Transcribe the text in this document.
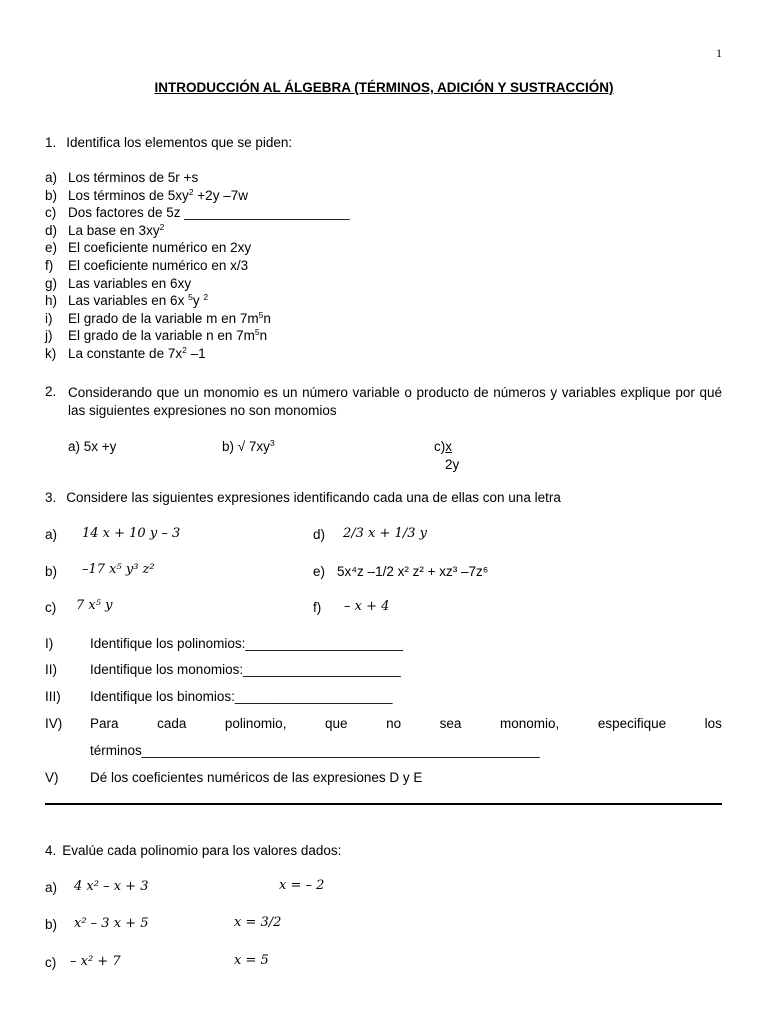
1
INTRODUCCIÓN AL ÁLGEBRA (TÉRMINOS, ADICIÓN Y SUSTRACCIÓN)
1. Identifica los elementos que se piden:
a) Los términos de 5r +s
b) Los términos de $5xy^2 +2y$ –7w
c) Dos factores de 5z ______________________
d) La base en $3xy^2$
e) El coeficiente numérico en 2xy
f)	El coeficiente numérico en x/3
g) Las variables en 6xy
h) Las variables en 6x $^5$y $^2$
i)	El grado de la variable m en $7m^5n$
j)	El grado de la variable n en $7m^5n$
k) La constante de $7x^2$ –1
2. Considerando que un monomio es un número variable o producto de números y variables explique por qué las siguientes expresiones no son monomios
a) 5x +y	b) √ $7xy^3$	c)x
2y
3. Considere las siguientes expresiones identificando cada una de ellas con una letra
a) 14 x + 10 y – 3	d) 2/3 x + 1/3 y
b) –17 x⁵ y³ z²	e) 5x⁴z –1/2 x² z² + xz³ –7z⁶
c) 7 x⁵ y	f) – x + 4
I)	Identifique los polinomios:_____________________
II) Identifique los monomios:_____________________
III) Identifique los binomios:_____________________
IV) Para	cada	polinomio,	que	no	sea	monomio,	especifique	los
términos_____________________________________________________
V) Dé los coeficientes numéricos de las expresiones D y E
4. Evalúe cada polinomio para los valores dados:
a) 4 x² – x + 3	x = – 2
b) x² – 3 x + 5	x = 3/2
c) – x² + 7	x = 5
